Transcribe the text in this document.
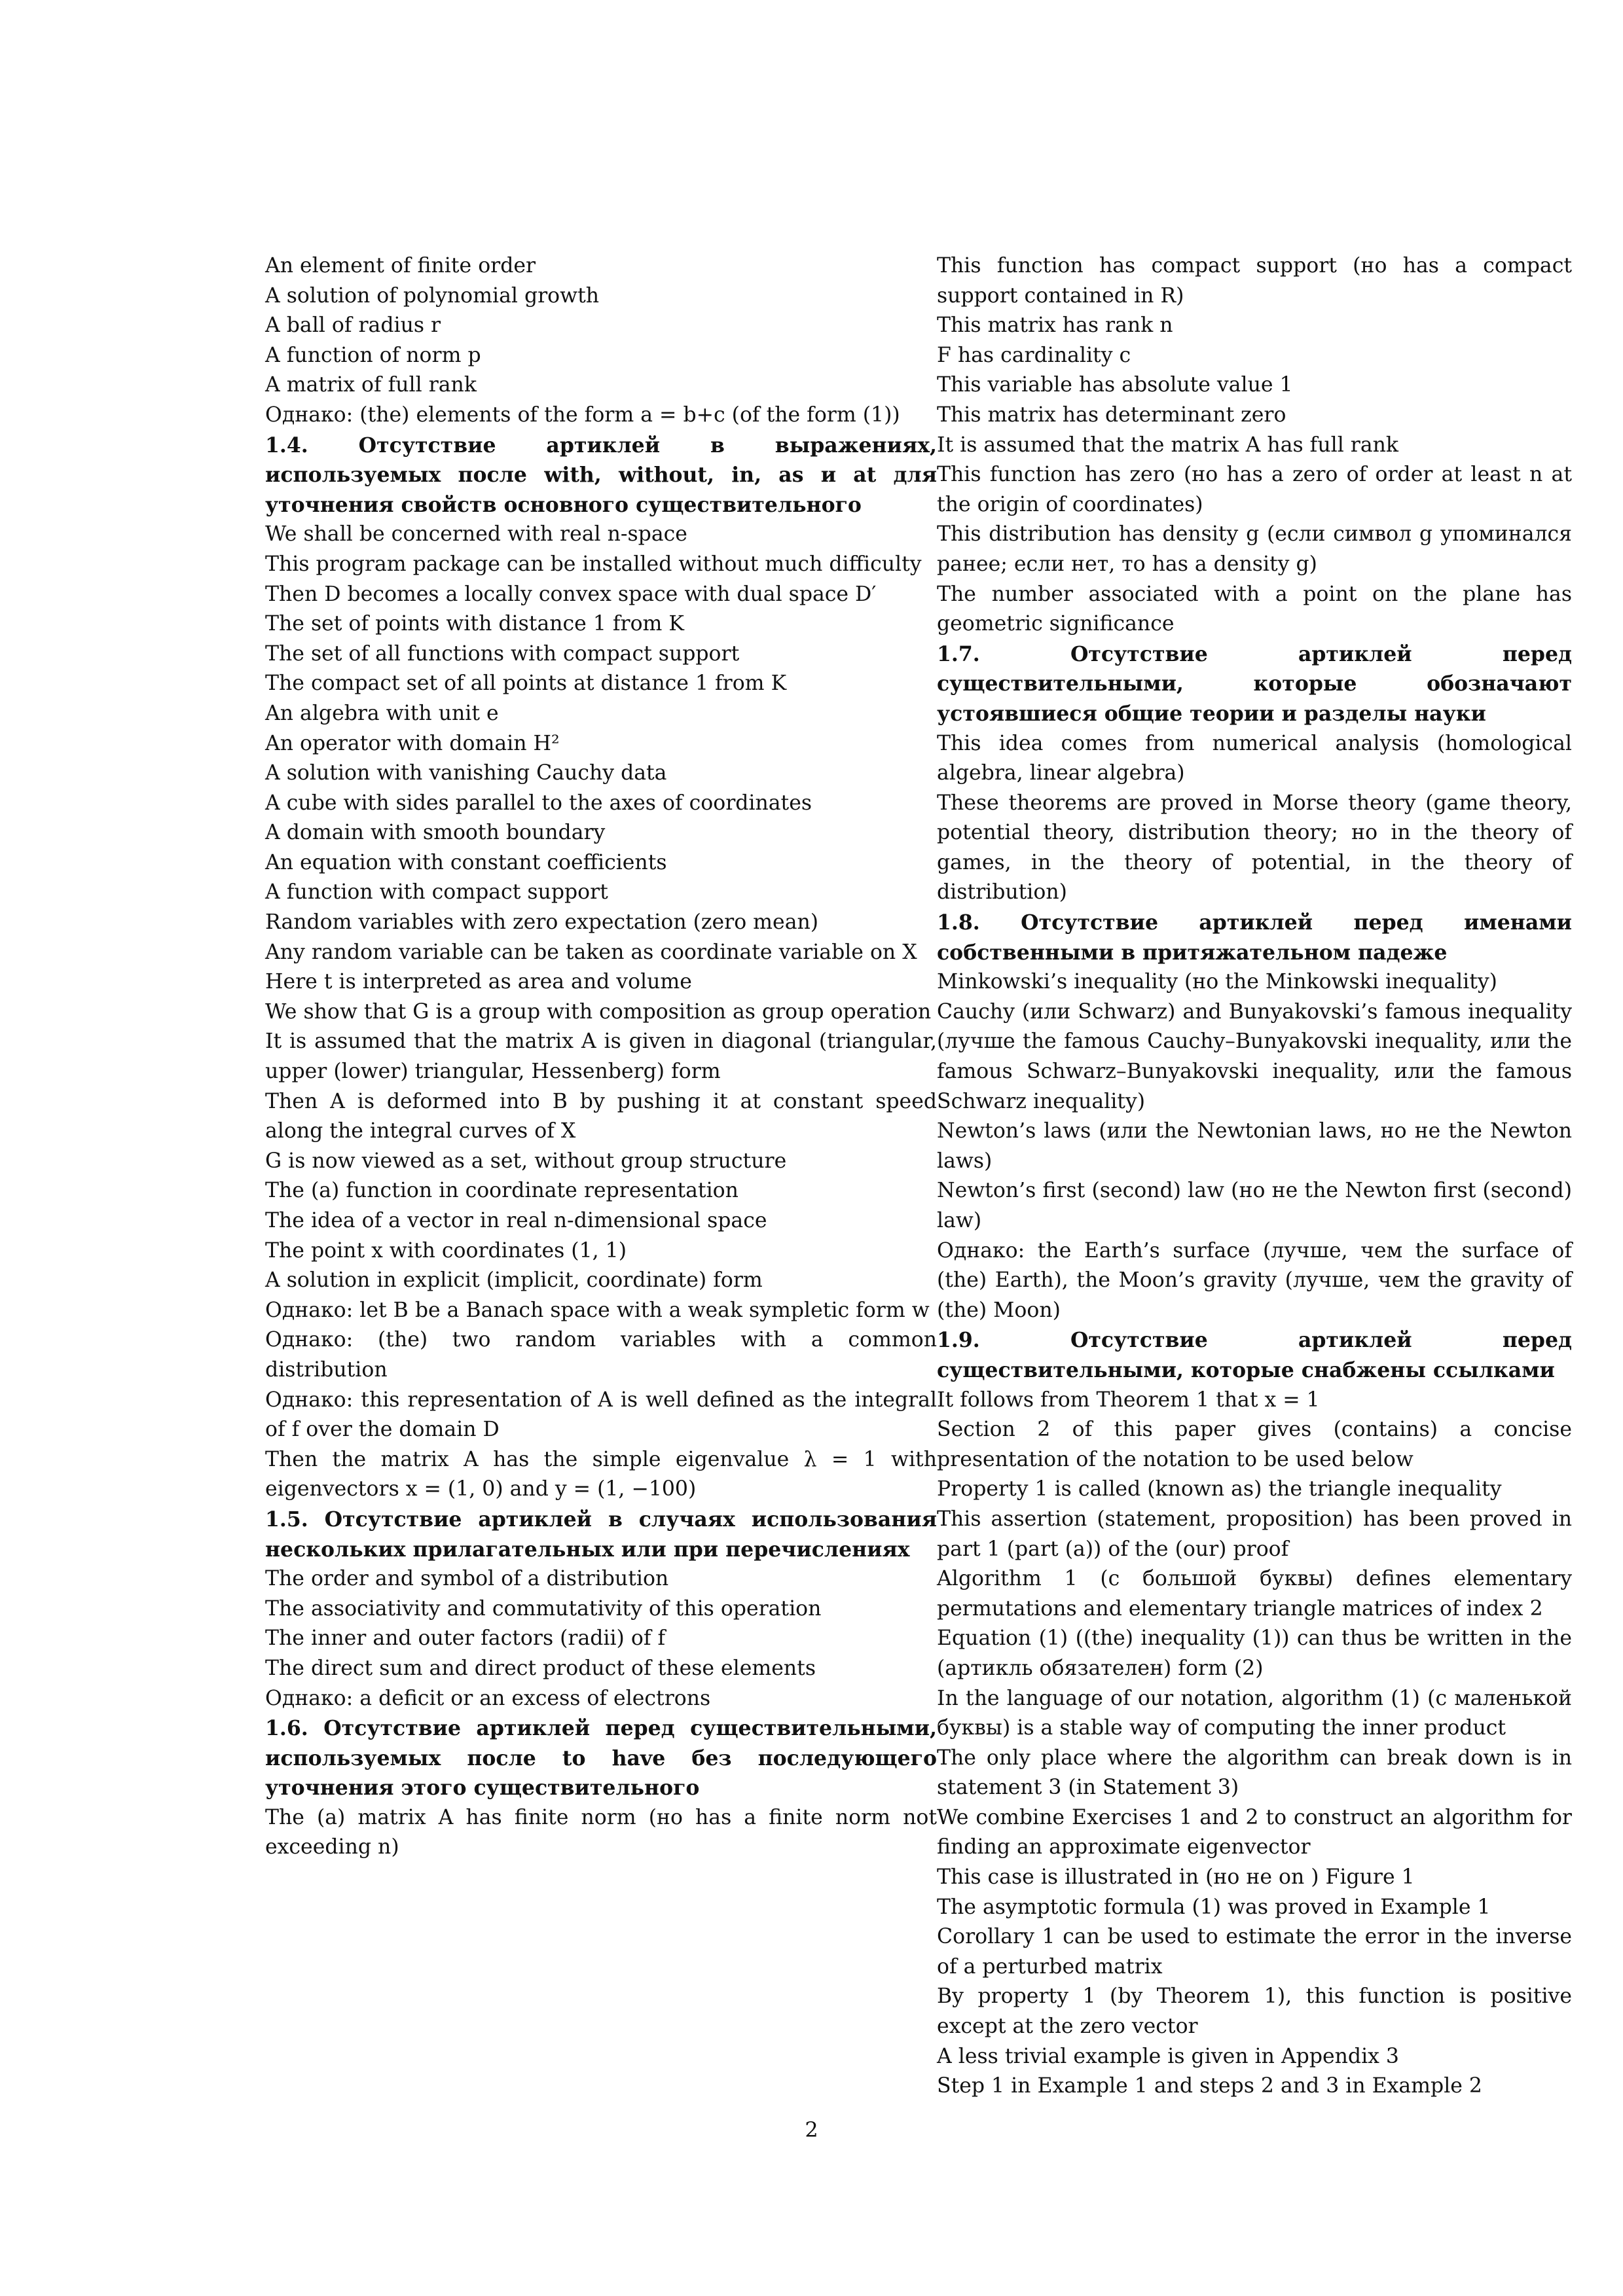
An element of finite order

A solution of polynomial growth

A ball of radius r

A function of norm p

A matrix of full rank

Однако: (the) elements of the form a = b+c (of the form (1))

1.4. Отсутствие артиклей в выражениях, используемых после with, without, in, as и at для уточнения свойств основного существительного

We shall be concerned with real n-space

This program package can be installed without much difficulty

Then D becomes a locally convex space with dual space D′

The set of points with distance 1 from K

The set of all functions with compact support

The compact set of all points at distance 1 from K

An algebra with unit e

An operator with domain H²

A solution with vanishing Cauchy data

A cube with sides parallel to the axes of coordinates

A domain with smooth boundary

An equation with constant coefficients

A function with compact support

Random variables with zero expectation (zero mean)

Any random variable can be taken as coordinate variable on X

Here t is interpreted as area and volume

We show that G is a group with composition as group operation

It is assumed that the matrix A is given in diagonal (triangular, upper (lower) triangular, Hessenberg) form

Then A is deformed into B by pushing it at constant speed along the integral curves of X

G is now viewed as a set, without group structure

The (a) function in coordinate representation

The idea of a vector in real n-dimensional space

The point x with coordinates (1, 1)

A solution in explicit (implicit, coordinate) form

Однако: let B be a Banach space with a weak sympletic form w

Однако: (the) two random variables with a common distribution

Однако: this representation of A is well defined as the integral of f over the domain D

Then the matrix A has the simple eigenvalue λ = 1 with eigenvectors x = (1, 0) and y = (1, −100)

1.5. Отсутствие артиклей в случаях использования нескольких прилагательных или при перечислениях

The order and symbol of a distribution

The associativity and commutativity of this operation

The inner and outer factors (radii) of f

The direct sum and direct product of these elements

Однако: a deficit or an excess of electrons

1.6. Отсутствие артиклей перед существительными, используемых после to have без последующего уточнения этого существительного

The (a) matrix A has finite norm (но has a finite norm not exceeding n)

This function has compact support (но has a compact support contained in R)

This matrix has rank n

F has cardinality c

This variable has absolute value 1

This matrix has determinant zero

It is assumed that the matrix A has full rank

This function has zero (но has a zero of order at least n at the origin of coordinates)

This distribution has density g (если символ g упоминался ранее; если нет, то has a density g)

The number associated with a point on the plane has geometric significance

1.7. Отсутствие артиклей перед существительными, которые обозначают устоявшиеся общие теории и разделы науки

This idea comes from numerical analysis (homological algebra, linear algebra)

These theorems are proved in Morse theory (game theory, potential theory, distribution theory; но in the theory of games, in the theory of potential, in the theory of distribution)

1.8. Отсутствие артиклей перед именами собственными в притяжательном падеже

Minkowski’s inequality (но the Minkowski inequality)

Cauchy (или Schwarz) and Bunyakovski’s famous inequality (лучше the famous Cauchy–Bunyakovski inequality, или the famous Schwarz–Bunyakovski inequality, или the famous Schwarz inequality)

Newton’s laws (или the Newtonian laws, но не the Newton laws)

Newton’s first (second) law (но не the Newton first (second) law)

Однако: the Earth’s surface (лучше, чем the surface of (the) Earth), the Moon’s gravity (лучше, чем the gravity of (the) Moon)

1.9. Отсутствие артиклей перед существительными, которые снабжены ссылками

It follows from Theorem 1 that x = 1

Section 2 of this paper gives (contains) a concise presentation of the notation to be used below

Property 1 is called (known as) the triangle inequality

This assertion (statement, proposition) has been proved in part 1 (part (a)) of the (our) proof

Algorithm 1 (с большой буквы) defines elementary permutations and elementary triangle matrices of index 2

Equation (1) ((the) inequality (1)) can thus be written in the (артикль обязателен) form (2)

In the language of our notation, algorithm (1) (с маленькой буквы) is a stable way of computing the inner product

The only place where the algorithm can break down is in statement 3 (in Statement 3)

We combine Exercises 1 and 2 to construct an algorithm for finding an approximate eigenvector

This case is illustrated in (но не on ) Figure 1

The asymptotic formula (1) was proved in Example 1

Corollary 1 can be used to estimate the error in the inverse of a perturbed matrix

By property 1 (by Theorem 1), this function is positive except at the zero vector

A less trivial example is given in Appendix 3

Step 1 in Example 1 and steps 2 and 3 in Example 2

2
